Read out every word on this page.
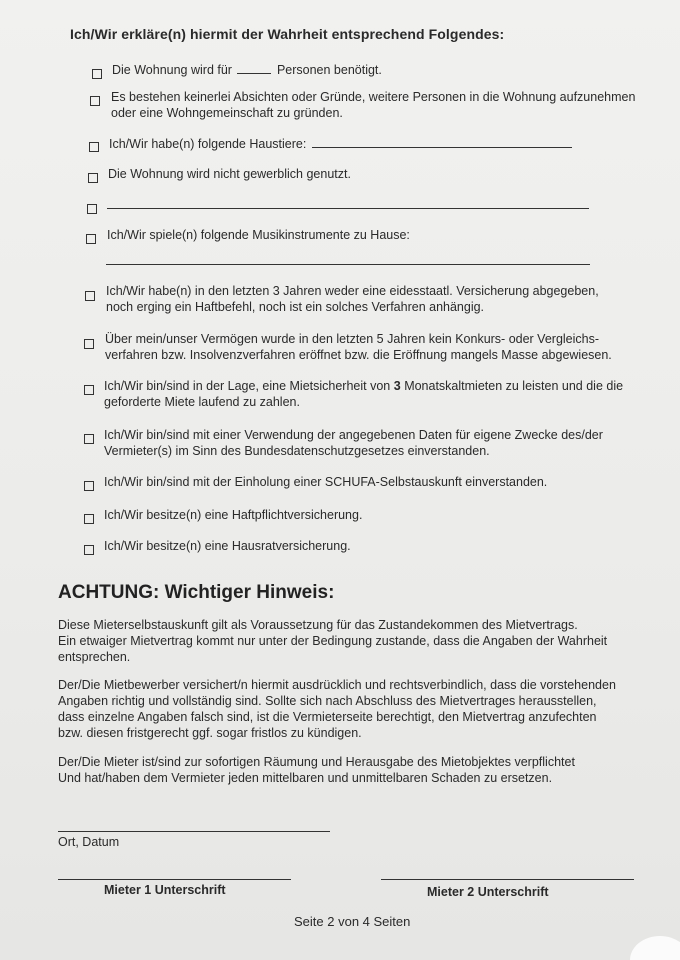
Ich/Wir erkläre(n) hiermit der Wahrheit entsprechend Folgendes:
Die Wohnung wird für	Personen benötigt.
Es bestehen keinerlei Absichten oder Gründe, weitere Personen in die Wohnung aufzunehmen
oder eine Wohngemeinschaft zu gründen.
Ich/Wir habe(n) folgende Haustiere:
Die Wohnung wird nicht gewerblich genutzt.
Ich/Wir spiele(n) folgende Musikinstrumente zu Hause:
Ich/Wir habe(n) in den letzten 3 Jahren weder eine eidesstaatl. Versicherung abgegeben,
noch erging ein Haftbefehl, noch ist ein solches Verfahren anhängig.
Über mein/unser Vermögen wurde in den letzten 5 Jahren kein Konkurs- oder Vergleichs-
verfahren bzw. Insolvenzverfahren eröffnet bzw. die Eröffnung mangels Masse abgewiesen.
Ich/Wir bin/sind in der Lage, eine Mietsicherheit von 3 Monatskaltmieten zu leisten und die die
geforderte Miete laufend zu zahlen.
Ich/Wir bin/sind mit einer Verwendung der angegebenen Daten für eigene Zwecke des/der
Vermieter(s) im Sinn des Bundesdatenschutzgesetzes einverstanden.
Ich/Wir bin/sind mit der Einholung einer SCHUFA-Selbstauskunft einverstanden.
Ich/Wir besitze(n) eine Haftpflichtversicherung.
Ich/Wir besitze(n) eine Hausratversicherung.
ACHTUNG: Wichtiger Hinweis:
Diese Mieterselbstauskunft gilt als Voraussetzung für das Zustandekommen des Mietvertrags.
Ein etwaiger Mietvertrag kommt nur unter der Bedingung zustande, dass die Angaben der Wahrheit
entsprechen.
Der/Die Mietbewerber versichert/n hiermit ausdrücklich und rechtsverbindlich, dass die vorstehenden
Angaben richtig und vollständig sind. Sollte sich nach Abschluss des Mietvertrages herausstellen,
dass einzelne Angaben falsch sind, ist die Vermieterseite berechtigt, den Mietvertrag anzufechten
bzw. diesen fristgerecht ggf. sogar fristlos zu kündigen.
Der/Die Mieter ist/sind zur sofortigen Räumung und Herausgabe des Mietobjektes verpflichtet
Und hat/haben dem Vermieter jeden mittelbaren und unmittelbaren Schaden zu ersetzen.
Ort, Datum
Mieter 1 Unterschrift	Mieter 2 Unterschrift
Seite 2 von 4 Seiten
